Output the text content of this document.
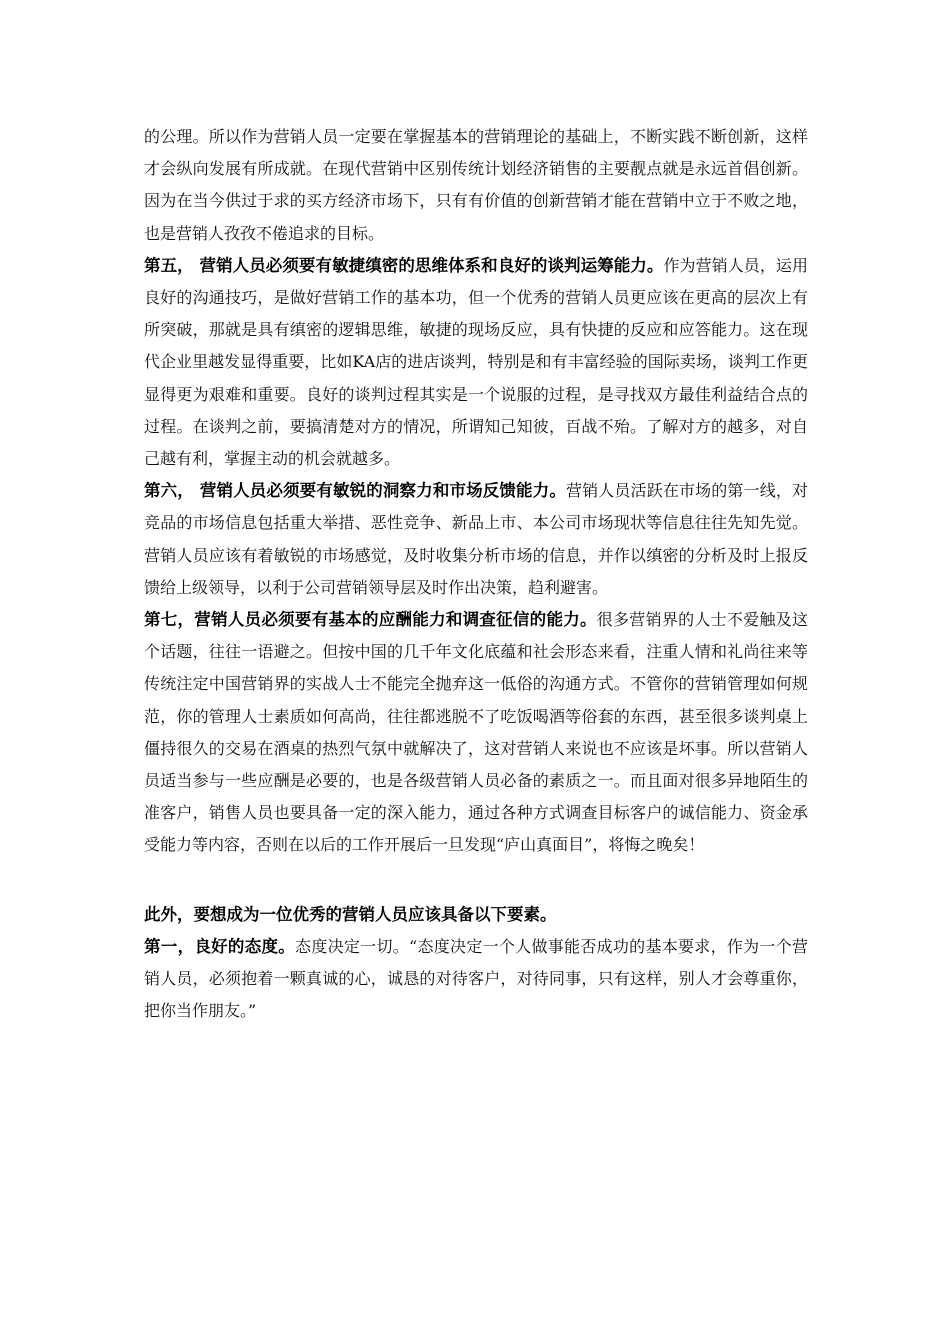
的公理。所以作为营销人员一定要在掌握基本的营销理论的基础上，不断实践不断创新，这样才会纵向发展有所成就。在现代营销中区别传统计划经济销售的主要靓点就是永远首倡创新。因为在当今供过于求的买方经济市场下，只有有价值的创新营销才能在营销中立于不败之地，也是营销人孜孜不倦追求的目标。

第五， 营销人员必须要有敏捷缜密的思维体系和良好的谈判运筹能力。作为营销人员，运用良好的沟通技巧，是做好营销工作的基本功，但一个优秀的营销人员更应该在更高的层次上有所突破，那就是具有缜密的逻辑思维，敏捷的现场反应，具有快捷的反应和应答能力。这在现代企业里越发显得重要，比如KA店的进店谈判，特别是和有丰富经验的国际卖场，谈判工作更显得更为艰难和重要。良好的谈判过程其实是一个说服的过程，是寻找双方最佳利益结合点的过程。在谈判之前，要搞清楚对方的情况，所谓知己知彼，百战不殆。了解对方的越多，对自己越有利，掌握主动的机会就越多。

第六， 营销人员必须要有敏锐的洞察力和市场反馈能力。营销人员活跃在市场的第一线，对竞品的市场信息包括重大举措、恶性竞争、新品上市、本公司市场现状等信息往往先知先觉。营销人员应该有着敏锐的市场感觉，及时收集分析市场的信息，并作以缜密的分析及时上报反馈给上级领导，以利于公司营销领导层及时作出决策，趋利避害。

第七，营销人员必须要有基本的应酬能力和调查征信的能力。很多营销界的人士不爱触及这个话题，往往一语避之。但按中国的几千年文化底蕴和社会形态来看，注重人情和礼尚往来等传统注定中国营销界的实战人士不能完全抛弃这一低俗的沟通方式。不管你的营销管理如何规范，你的管理人士素质如何高尚，往往都逃脱不了吃饭喝酒等俗套的东西，甚至很多谈判桌上僵持很久的交易在酒桌的热烈气氛中就解决了，这对营销人来说也不应该是坏事。所以营销人员适当参与一些应酬是必要的，也是各级营销人员必备的素质之一。而且面对很多异地陌生的准客户，销售人员也要具备一定的深入能力，通过各种方式调查目标客户的诚信能力、资金承受能力等内容，否则在以后的工作开展后一旦发现“庐山真面目”，将悔之晚矣！

此外，要想成为一位优秀的营销人员应该具备以下要素。

第一，良好的态度。态度决定一切。“态度决定一个人做事能否成功的基本要求，作为一个营销人员，必须抱着一颗真诚的心，诚恳的对待客户，对待同事，只有这样，别人才会尊重你，把你当作朋友。”
